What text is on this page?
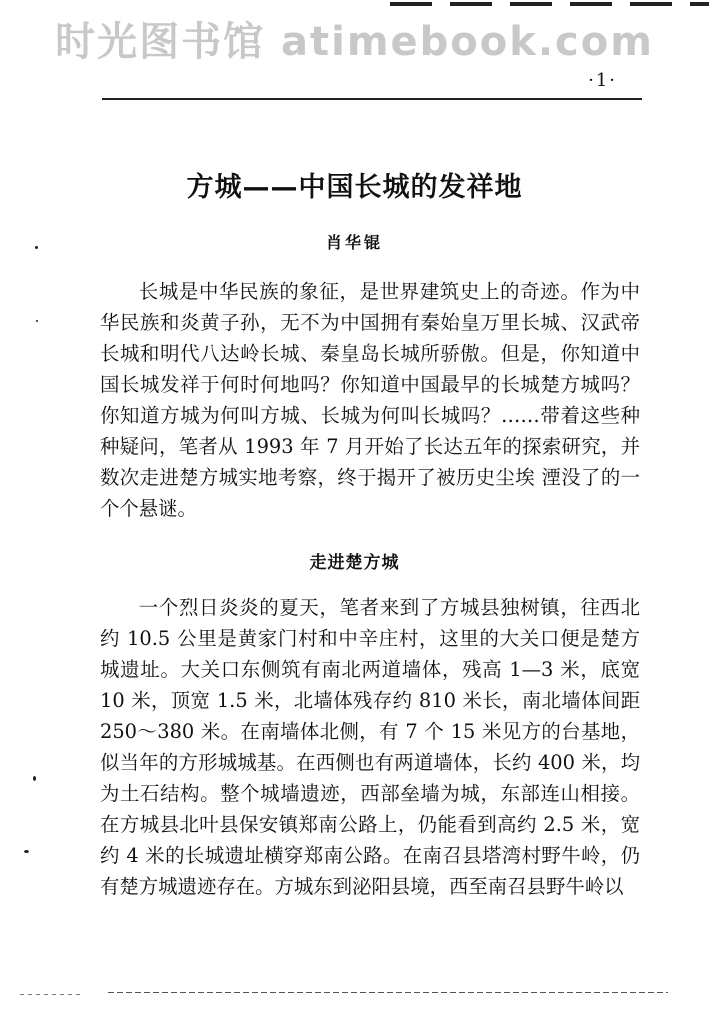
时光图书馆 atimebook.com
·1·
方城——中国长城的发祥地
肖华锟

长城是中华民族的象征，是世界建筑史上的奇迹。作为中华民族和炎黄子孙，无不为中国拥有秦始皇万里长城、汉武帝长城和明代八达岭长城、秦皇岛长城所骄傲。但是，你知道中国长城发祥于何时何地吗？你知道中国最早的长城楚方城吗？你知道方城为何叫方城、长城为何叫长城吗？……带着这些种种疑问，笔者从 1993 年 7 月开始了长达五年的探索研究，并数次走进楚方城实地考察，终于揭开了被历史尘埃 湮没了的一个个悬谜。

走进楚方城

一个烈日炎炎的夏天，笔者来到了方城县独树镇，往西北约 10.5 公里是黄家门村和中辛庄村，这里的大关口便是楚方城遗址。大关口东侧筑有南北两道墙体，残高 1—3 米，底宽 10 米，顶宽 1.5 米，北墙体残存约 810 米长，南北墙体间距 250～380 米。在南墙体北侧，有 7 个 15 米见方的台基地，似当年的方形城城基。在西侧也有两道墙体，长约 400 米，均为土石结构。整个城墙遗迹，西部垒墙为城，东部连山相接。在方城县北叶县保安镇郑南公路上，仍能看到高约 2.5 米，宽约 4 米的长城遗址横穿郑南公路。在南召县塔湾村野牛岭，仍有楚方城遗迹存在。方城东到泌阳县境，西至南召县野牛岭以
